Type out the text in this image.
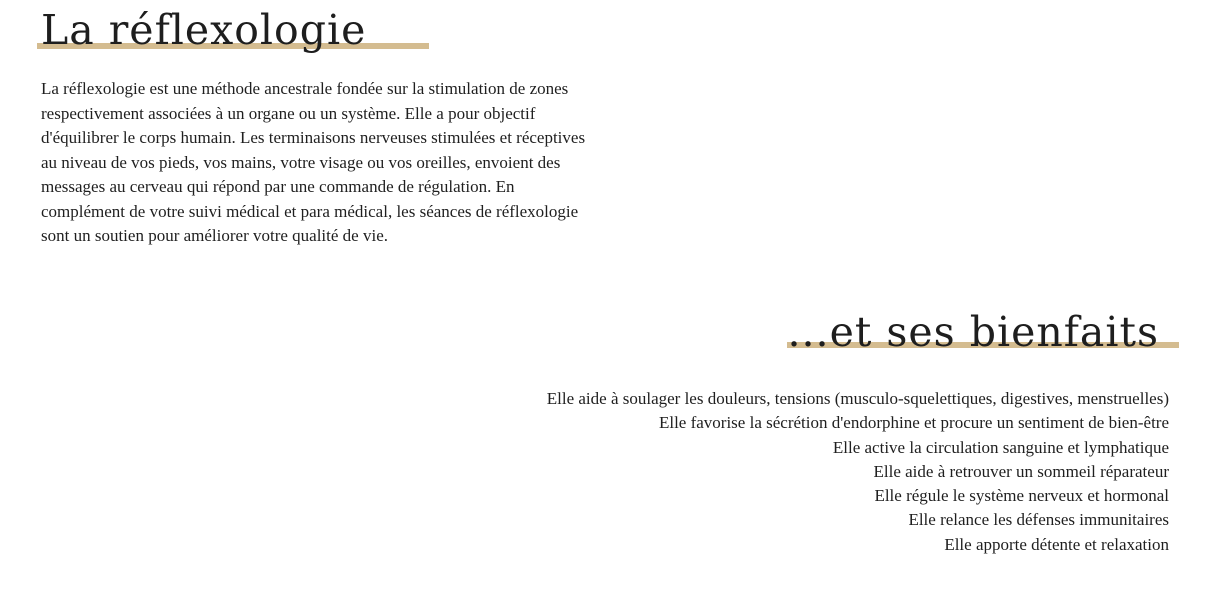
La réflexologie

La réflexologie est une méthode ancestrale fondée sur la stimulation de zones respectivement associées à un organe ou un système. Elle a pour objectif d'équilibrer le corps humain. Les terminaisons nerveuses stimulées et réceptives au niveau de vos pieds, vos mains, votre visage ou vos oreilles, envoient des messages au cerveau qui répond par une commande de régulation. En complément de votre suivi médical et para médical, les séances de réflexologie sont un soutien pour améliorer votre qualité de vie.

...et ses bienfaits
Elle aide à soulager les douleurs, tensions (musculo-squelettiques, digestives, menstruelles)
Elle favorise la sécrétion d'endorphine et procure un sentiment de bien-être
Elle active la circulation sanguine et lymphatique
Elle aide à retrouver un sommeil réparateur
Elle régule le système nerveux et hormonal
Elle relance les défenses immunitaires
Elle apporte détente et relaxation
